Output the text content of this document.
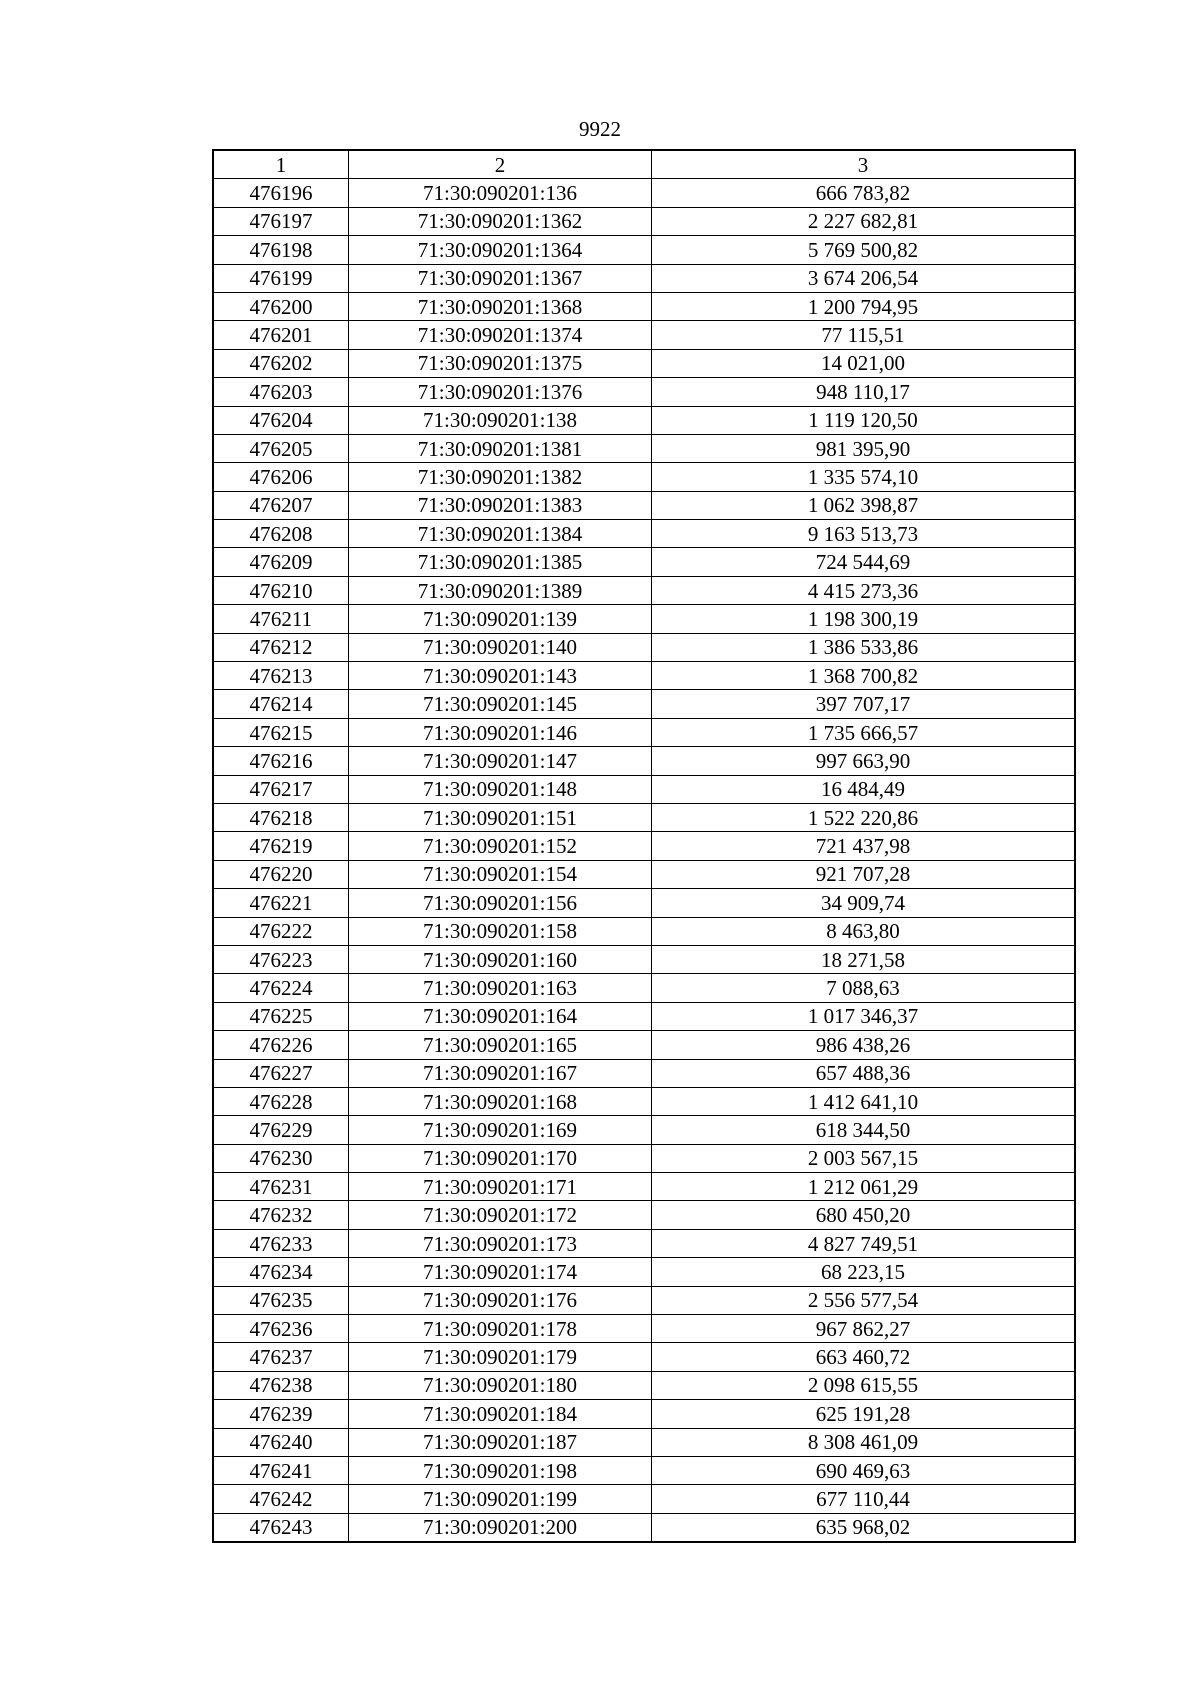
9922
1	2	3
476196	71:30:090201:136	666 783,82
476197	71:30:090201:1362	2 227 682,81
476198	71:30:090201:1364	5 769 500,82
476199	71:30:090201:1367	3 674 206,54
476200	71:30:090201:1368	1 200 794,95
476201	71:30:090201:1374	77 115,51
476202	71:30:090201:1375	14 021,00
476203	71:30:090201:1376	948 110,17
476204	71:30:090201:138	1 119 120,50
476205	71:30:090201:1381	981 395,90
476206	71:30:090201:1382	1 335 574,10
476207	71:30:090201:1383	1 062 398,87
476208	71:30:090201:1384	9 163 513,73
476209	71:30:090201:1385	724 544,69
476210	71:30:090201:1389	4 415 273,36
476211	71:30:090201:139	1 198 300,19
476212	71:30:090201:140	1 386 533,86
476213	71:30:090201:143	1 368 700,82
476214	71:30:090201:145	397 707,17
476215	71:30:090201:146	1 735 666,57
476216	71:30:090201:147	997 663,90
476217	71:30:090201:148	16 484,49
476218	71:30:090201:151	1 522 220,86
476219	71:30:090201:152	721 437,98
476220	71:30:090201:154	921 707,28
476221	71:30:090201:156	34 909,74
476222	71:30:090201:158	8 463,80
476223	71:30:090201:160	18 271,58
476224	71:30:090201:163	7 088,63
476225	71:30:090201:164	1 017 346,37
476226	71:30:090201:165	986 438,26
476227	71:30:090201:167	657 488,36
476228	71:30:090201:168	1 412 641,10
476229	71:30:090201:169	618 344,50
476230	71:30:090201:170	2 003 567,15
476231	71:30:090201:171	1 212 061,29
476232	71:30:090201:172	680 450,20
476233	71:30:090201:173	4 827 749,51
476234	71:30:090201:174	68 223,15
476235	71:30:090201:176	2 556 577,54
476236	71:30:090201:178	967 862,27
476237	71:30:090201:179	663 460,72
476238	71:30:090201:180	2 098 615,55
476239	71:30:090201:184	625 191,28
476240	71:30:090201:187	8 308 461,09
476241	71:30:090201:198	690 469,63
476242	71:30:090201:199	677 110,44
476243	71:30:090201:200	635 968,02
